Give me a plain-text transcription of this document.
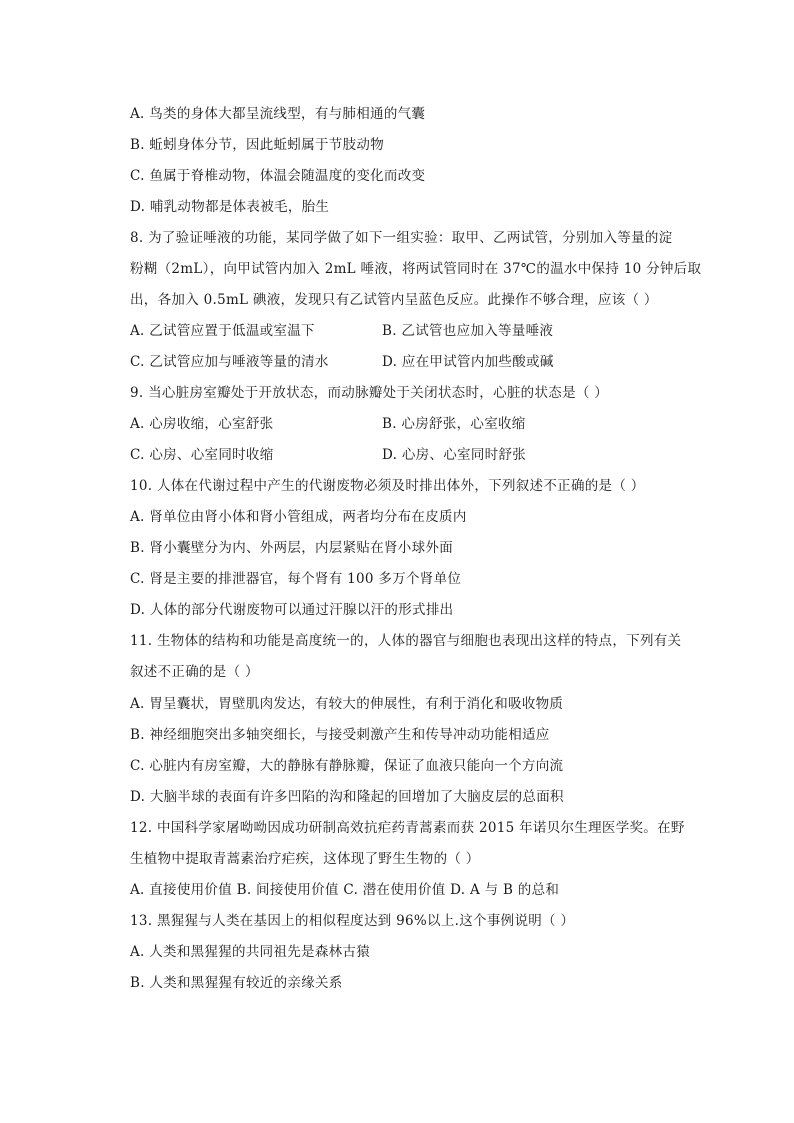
A. 鸟类的身体大都呈流线型，有与肺相通的气囊
B. 蚯蚓身体分节，因此蚯蚓属于节肢动物
C. 鱼属于脊椎动物，体温会随温度的变化而改变
D. 哺乳动物都是体表被毛，胎生
8. 为了验证唾液的功能，某同学做了如下一组实验：取甲、乙两试管，分别加入等量的淀
粉糊（2mL），向甲试管内加入 2mL 唾液，将两试管同时在 37℃的温水中保持 10 分钟后取
出，各加入 0.5mL 碘液，发现只有乙试管内呈蓝色反应。此操作不够合理，应该（ ）
A. 乙试管应置于低温或室温下	B. 乙试管也应加入等量唾液
C. 乙试管应加与唾液等量的清水	D. 应在甲试管内加些酸或碱
9. 当心脏房室瓣处于开放状态，而动脉瓣处于关闭状态时，心脏的状态是（ ）
A. 心房收缩，心室舒张	B. 心房舒张，心室收缩
C. 心房、心室同时收缩	D. 心房、心室同时舒张
10. 人体在代谢过程中产生的代谢废物必须及时排出体外，下列叙述不正确的是（ ）
A. 肾单位由肾小体和肾小管组成，两者均分布在皮质内
B. 肾小囊壁分为内、外两层，内层紧贴在肾小球外面
C. 肾是主要的排泄器官，每个肾有 100 多万个肾单位
D. 人体的部分代谢废物可以通过汗腺以汗的形式排出
11. 生物体的结构和功能是高度统一的，人体的器官与细胞也表现出这样的特点，下列有关
叙述不正确的是（ ）
A. 胃呈囊状，胃壁肌肉发达，有较大的伸展性，有利于消化和吸收物质
B. 神经细胞突出多轴突细长，与接受刺激产生和传导冲动功能相适应
C. 心脏内有房室瓣，大的静脉有静脉瓣，保证了血液只能向一个方向流
D. 大脑半球的表面有许多凹陷的沟和隆起的回增加了大脑皮层的总面积
12. 中国科学家屠呦呦因成功研制高效抗疟药青蒿素而获 2015 年诺贝尔生理医学奖。在野
生植物中提取青蒿素治疗疟疾，这体现了野生生物的（ ）
A. 直接使用价值 B. 间接使用价值 C. 潜在使用价值 D. A 与 B 的总和
13. 黑猩猩与人类在基因上的相似程度达到 96%以上.这个事例说明（ ）
A. 人类和黑猩猩的共同祖先是森林古猿
B. 人类和黑猩猩有较近的亲缘关系
